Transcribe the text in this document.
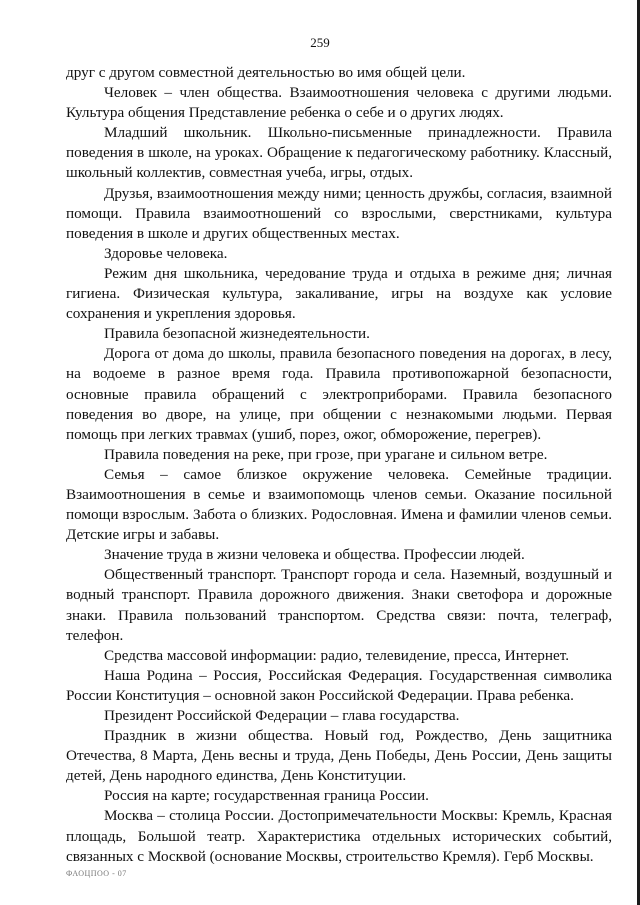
259

друг с другом совместной деятельностью во имя общей цели.

Человек – член общества. Взаимоотношения человека с другими людьми. Культура общения Представление ребенка о себе и о других людях.

Младший школьник. Школьно-письменные принадлежности. Правила поведения в школе, на уроках. Обращение к педагогическому работнику. Классный, школьный коллектив, совместная учеба, игры, отдых.

Друзья, взаимоотношения между ними; ценность дружбы, согласия, взаимной помощи. Правила взаимоотношений со взрослыми, сверстниками, культура поведения в школе и других общественных местах.

Здоровье человека.

Режим дня школьника, чередование труда и отдыха в режиме дня; личная гигиена. Физическая культура, закаливание, игры на воздухе как условие сохранения и укрепления здоровья.

Правила безопасной жизнедеятельности.

Дорога от дома до школы, правила безопасного поведения на дорогах, в лесу, на водоеме в разное время года. Правила противопожарной безопасности, основные правила обращений с электроприборами. Правила безопасного поведения во дворе, на улице, при общении с незнакомыми людьми. Первая помощь при легких травмах (ушиб, порез, ожог, обморожение, перегрев).

Правила поведения на реке, при грозе, при урагане и сильном ветре.

Семья – самое близкое окружение человека. Семейные традиции. Взаимоотношения в семье и взаимопомощь членов семьи. Оказание посильной помощи взрослым. Забота о близких. Родословная. Имена и фамилии членов семьи. Детские игры и забавы.

Значение труда в жизни человека и общества. Профессии людей.

Общественный транспорт. Транспорт города и села. Наземный, воздушный и водный транспорт. Правила дорожного движения. Знаки светофора и дорожные знаки. Правила пользований транспортом. Средства связи: почта, телеграф, телефон.

Средства массовой информации: радио, телевидение, пресса, Интернет.

Наша Родина – Россия, Российская Федерация. Государственная символика России Конституция – основной закон Российской Федерации. Права ребенка.

Президент Российской Федерации – глава государства.

Праздник в жизни общества. Новый год, Рождество, День защитника Отечества, 8 Марта, День весны и труда, День Победы, День России, День защиты детей, День народного единства, День Конституции.

Россия на карте; государственная граница России.

Москва – столица России. Достопримечательности Москвы: Кремль, Красная площадь, Большой театр. Характеристика отдельных исторических событий, связанных с Москвой (основание Москвы, строительство Кремля). Герб Москвы.

ФАОЦПОО - 07
